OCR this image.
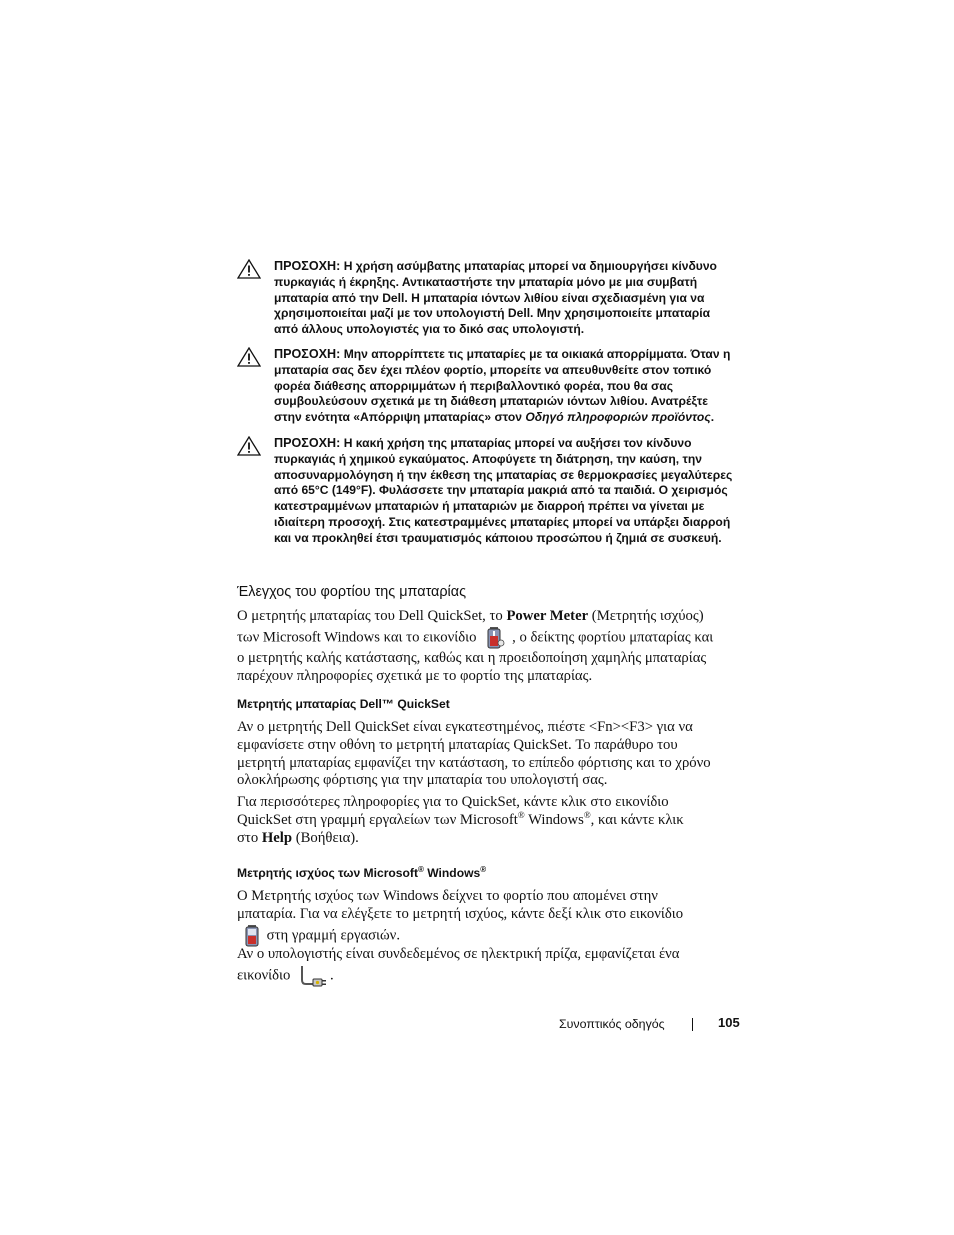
ΠΡΟΣΟΧΗ: Η χρήση ασύμβατης μπαταρίας μπορεί να δημιουργήσει κίνδυνο πυρκαγιάς ή έκρηξης. Αντικαταστήστε την μπαταρία μόνο με μια συμβατή μπαταρία από την Dell. Η μπαταρία ιόντων λιθίου είναι σχεδιασμένη για να χρησιμοποιείται μαζί με τον υπολογιστή Dell. Μην χρησιμοποιείτε μπαταρία από άλλους υπολογιστές για το δικό σας υπολογιστή.
ΠΡΟΣΟΧΗ: Μην απορρίπτετε τις μπαταρίες με τα οικιακά απορρίμματα. Όταν η μπαταρία σας δεν έχει πλέον φορτίο, μπορείτε να απευθυνθείτε στον τοπικό φορέα διάθεσης απορριμμάτων ή περιβαλλοντικό φορέα, που θα σας συμβουλεύσουν σχετικά με τη διάθεση μπαταριών ιόντων λιθίου. Ανατρέξτε στην ενότητα «Απόρριψη μπαταρίας» στον Οδηγό πληροφοριών προϊόντος.
ΠΡΟΣΟΧΗ: Η κακή χρήση της μπαταρίας μπορεί να αυξήσει τον κίνδυνο πυρκαγιάς ή χημικού εγκαύματος. Αποφύγετε τη διάτρηση, την καύση, την αποσυναρμολόγηση ή την έκθεση της μπαταρίας σε θερμοκρασίες μεγαλύτερες από 65°C (149°F). Φυλάσσετε την μπαταρία μακριά από τα παιδιά. Ο χειρισμός κατεστραμμένων μπαταριών ή μπαταριών με διαρροή πρέπει να γίνεται με ιδιαίτερη προσοχή. Στις κατεστραμμένες μπαταρίες μπορεί να υπάρξει διαρροή και να προκληθεί έτσι τραυματισμός κάποιου προσώπου ή ζημιά σε συσκευή.
Έλεγχος του φορτίου της μπαταρίας
Ο μετρητής μπαταρίας του Dell QuickSet, το Power Meter (Μετρητής ισχύος)
των Microsoft Windows και το εικονίδιο , ο δείκτης φορτίου μπαταρίας και
ο μετρητής καλής κατάστασης, καθώς και η προειδοποίηση χαμηλής μπαταρίας
παρέχουν πληροφορίες σχετικά με το φορτίο της μπαταρίας.
Μετρητής μπαταρίας Dell™ QuickSet
Αν ο μετρητής Dell QuickSet είναι εγκατεστημένος, πιέστε <Fn><F3> για να
εμφανίσετε στην οθόνη το μετρητή μπαταρίας QuickSet. Το παράθυρο του
μετρητή μπαταρίας εμφανίζει την κατάσταση, το επίπεδο φόρτισης και το χρόνο
ολοκλήρωσης φόρτισης για την μπαταρία του υπολογιστή σας.
Για περισσότερες πληροφορίες για το QuickSet, κάντε κλικ στο εικονίδιο
QuickSet στη γραμμή εργαλείων των Microsoft® Windows®, και κάντε κλικ
στο Help (Βοήθεια).
Μετρητής ισχύος των Microsoft® Windows®
Ο Μετρητής ισχύος των Windows δείχνει το φορτίο που απομένει στην
μπαταρία. Για να ελέγξετε το μετρητή ισχύος, κάντε δεξί κλικ στο εικονίδιο
στη γραμμή εργασιών.
Αν ο υπολογιστής είναι συνδεδεμένος σε ηλεκτρική πρίζα, εμφανίζεται ένα
εικονίδιο	.
Συνοπτικός οδηγός	105
